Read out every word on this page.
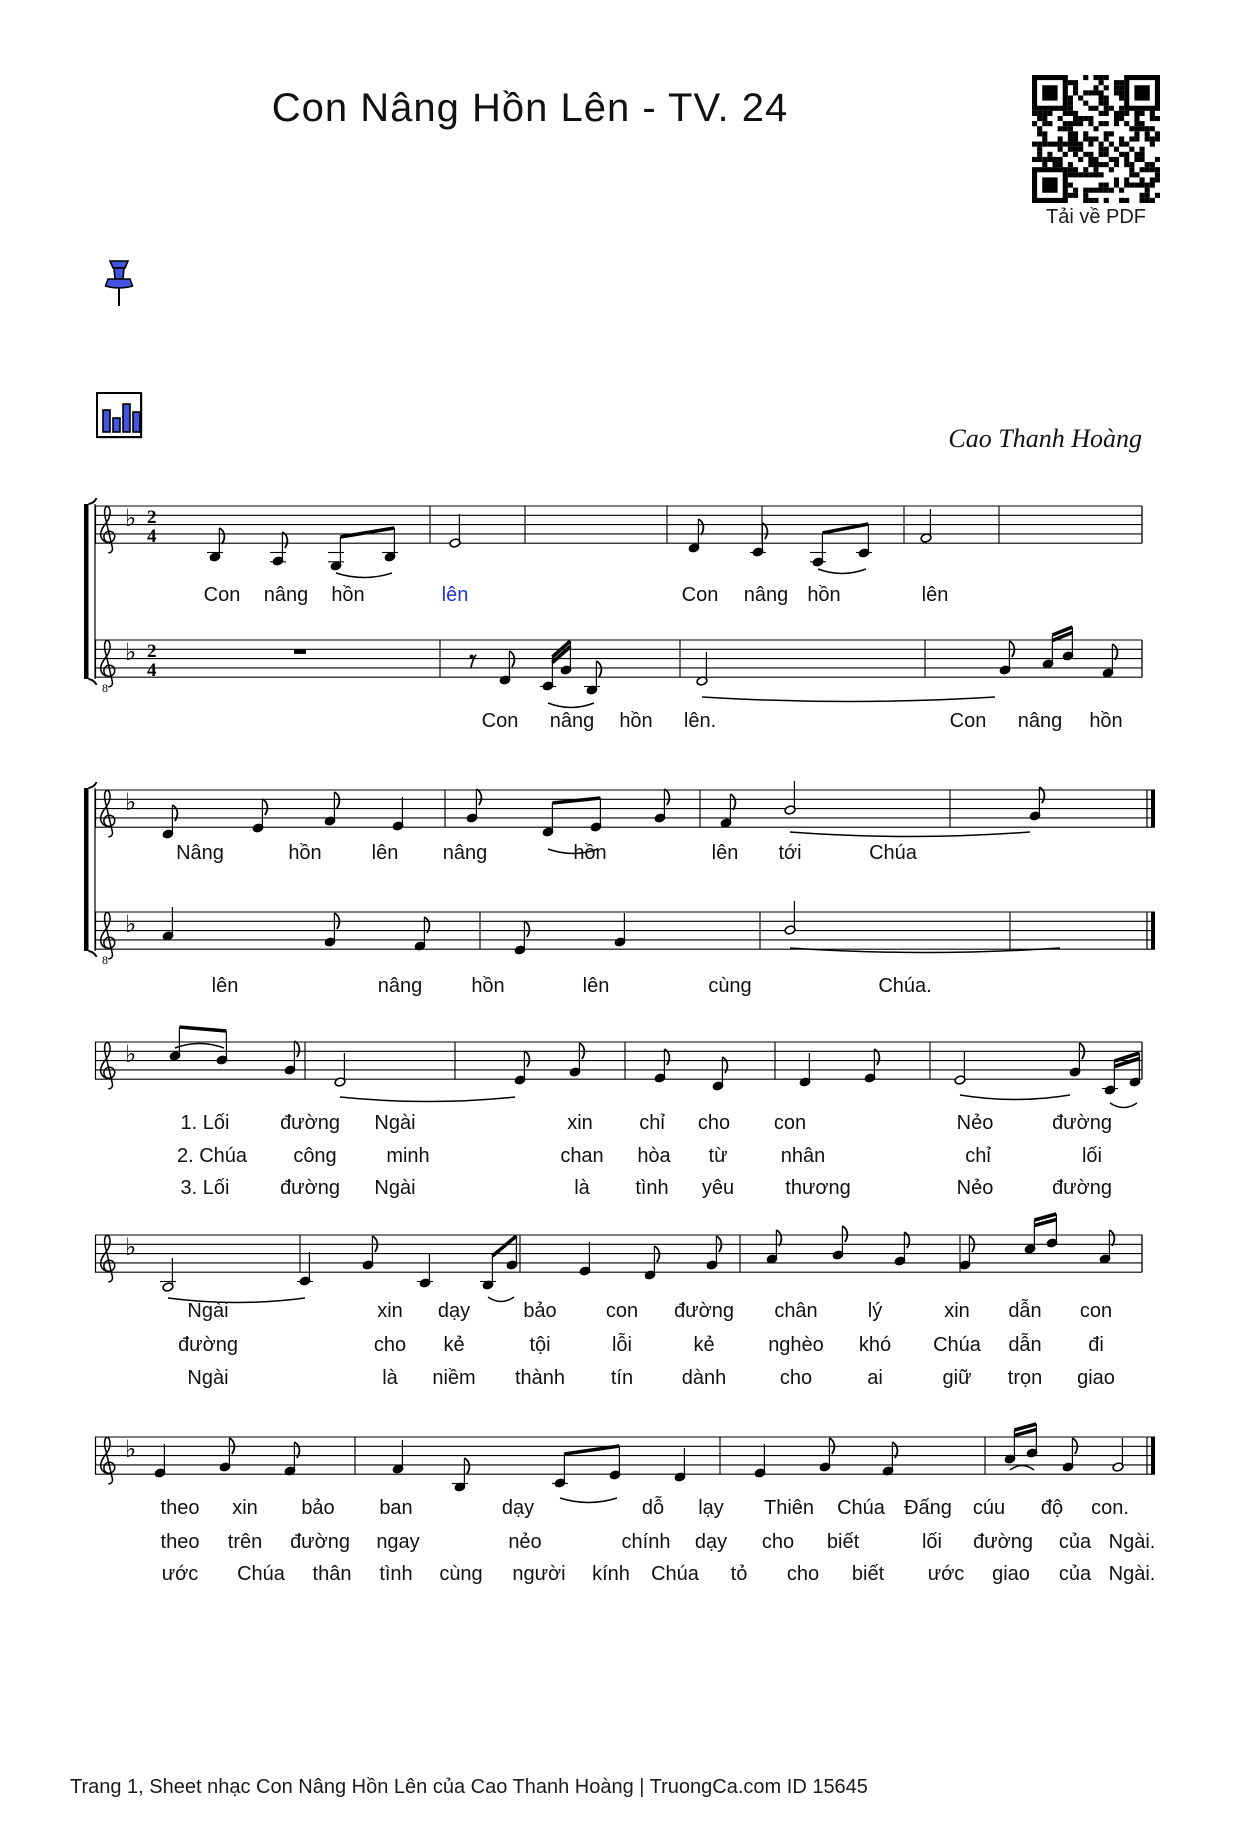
Con Nâng Hồn Lên - TV. 24
Tải về PDF
Cao Thanh Hoàng
♭ 2
4
8
♭ 2
4
♭
8
♭
♭
♭
♭
Con nâng hồn	lên	Con nâng hồn	lên
Con nâng hồn lên.	Con nâng hồn
Nâng	hồn lên nâng	hồn	lên tới	Chúa
lên	nâng hồn	lên	cùng	Chúa.
1. Lối	đường Ngài	xin chỉ cho con	Nẻo	đường
2. Chúa công minh	chan hòa từ	nhân	chỉ	lối
3. Lối	đường Ngài	là tình yêu	thương	Nẻo	đường
Ngài	xin dạy	bảo con đường chân	lý	xin dẫn con
đường	cho kẻ	tội	lỗi	kẻ	nghèo khó Chúa dẫn đi
Ngài	là niềm thành tín dành	cho	ai	giữ trọn giao
theo xin bảo ban	dạy	dỗ lạy Thiên Chúa Đấng cúu độ con.
theo trên đường ngay	nẻo	chính dạy cho biết	lối đường của Ngài.
ước Chúa thân tình cùng người kính Chúa tỏ cho biết ước giao của Ngài.
Trang 1, Sheet nhạc Con Nâng Hồn Lên của Cao Thanh Hoàng | TruongCa.com ID 15645
